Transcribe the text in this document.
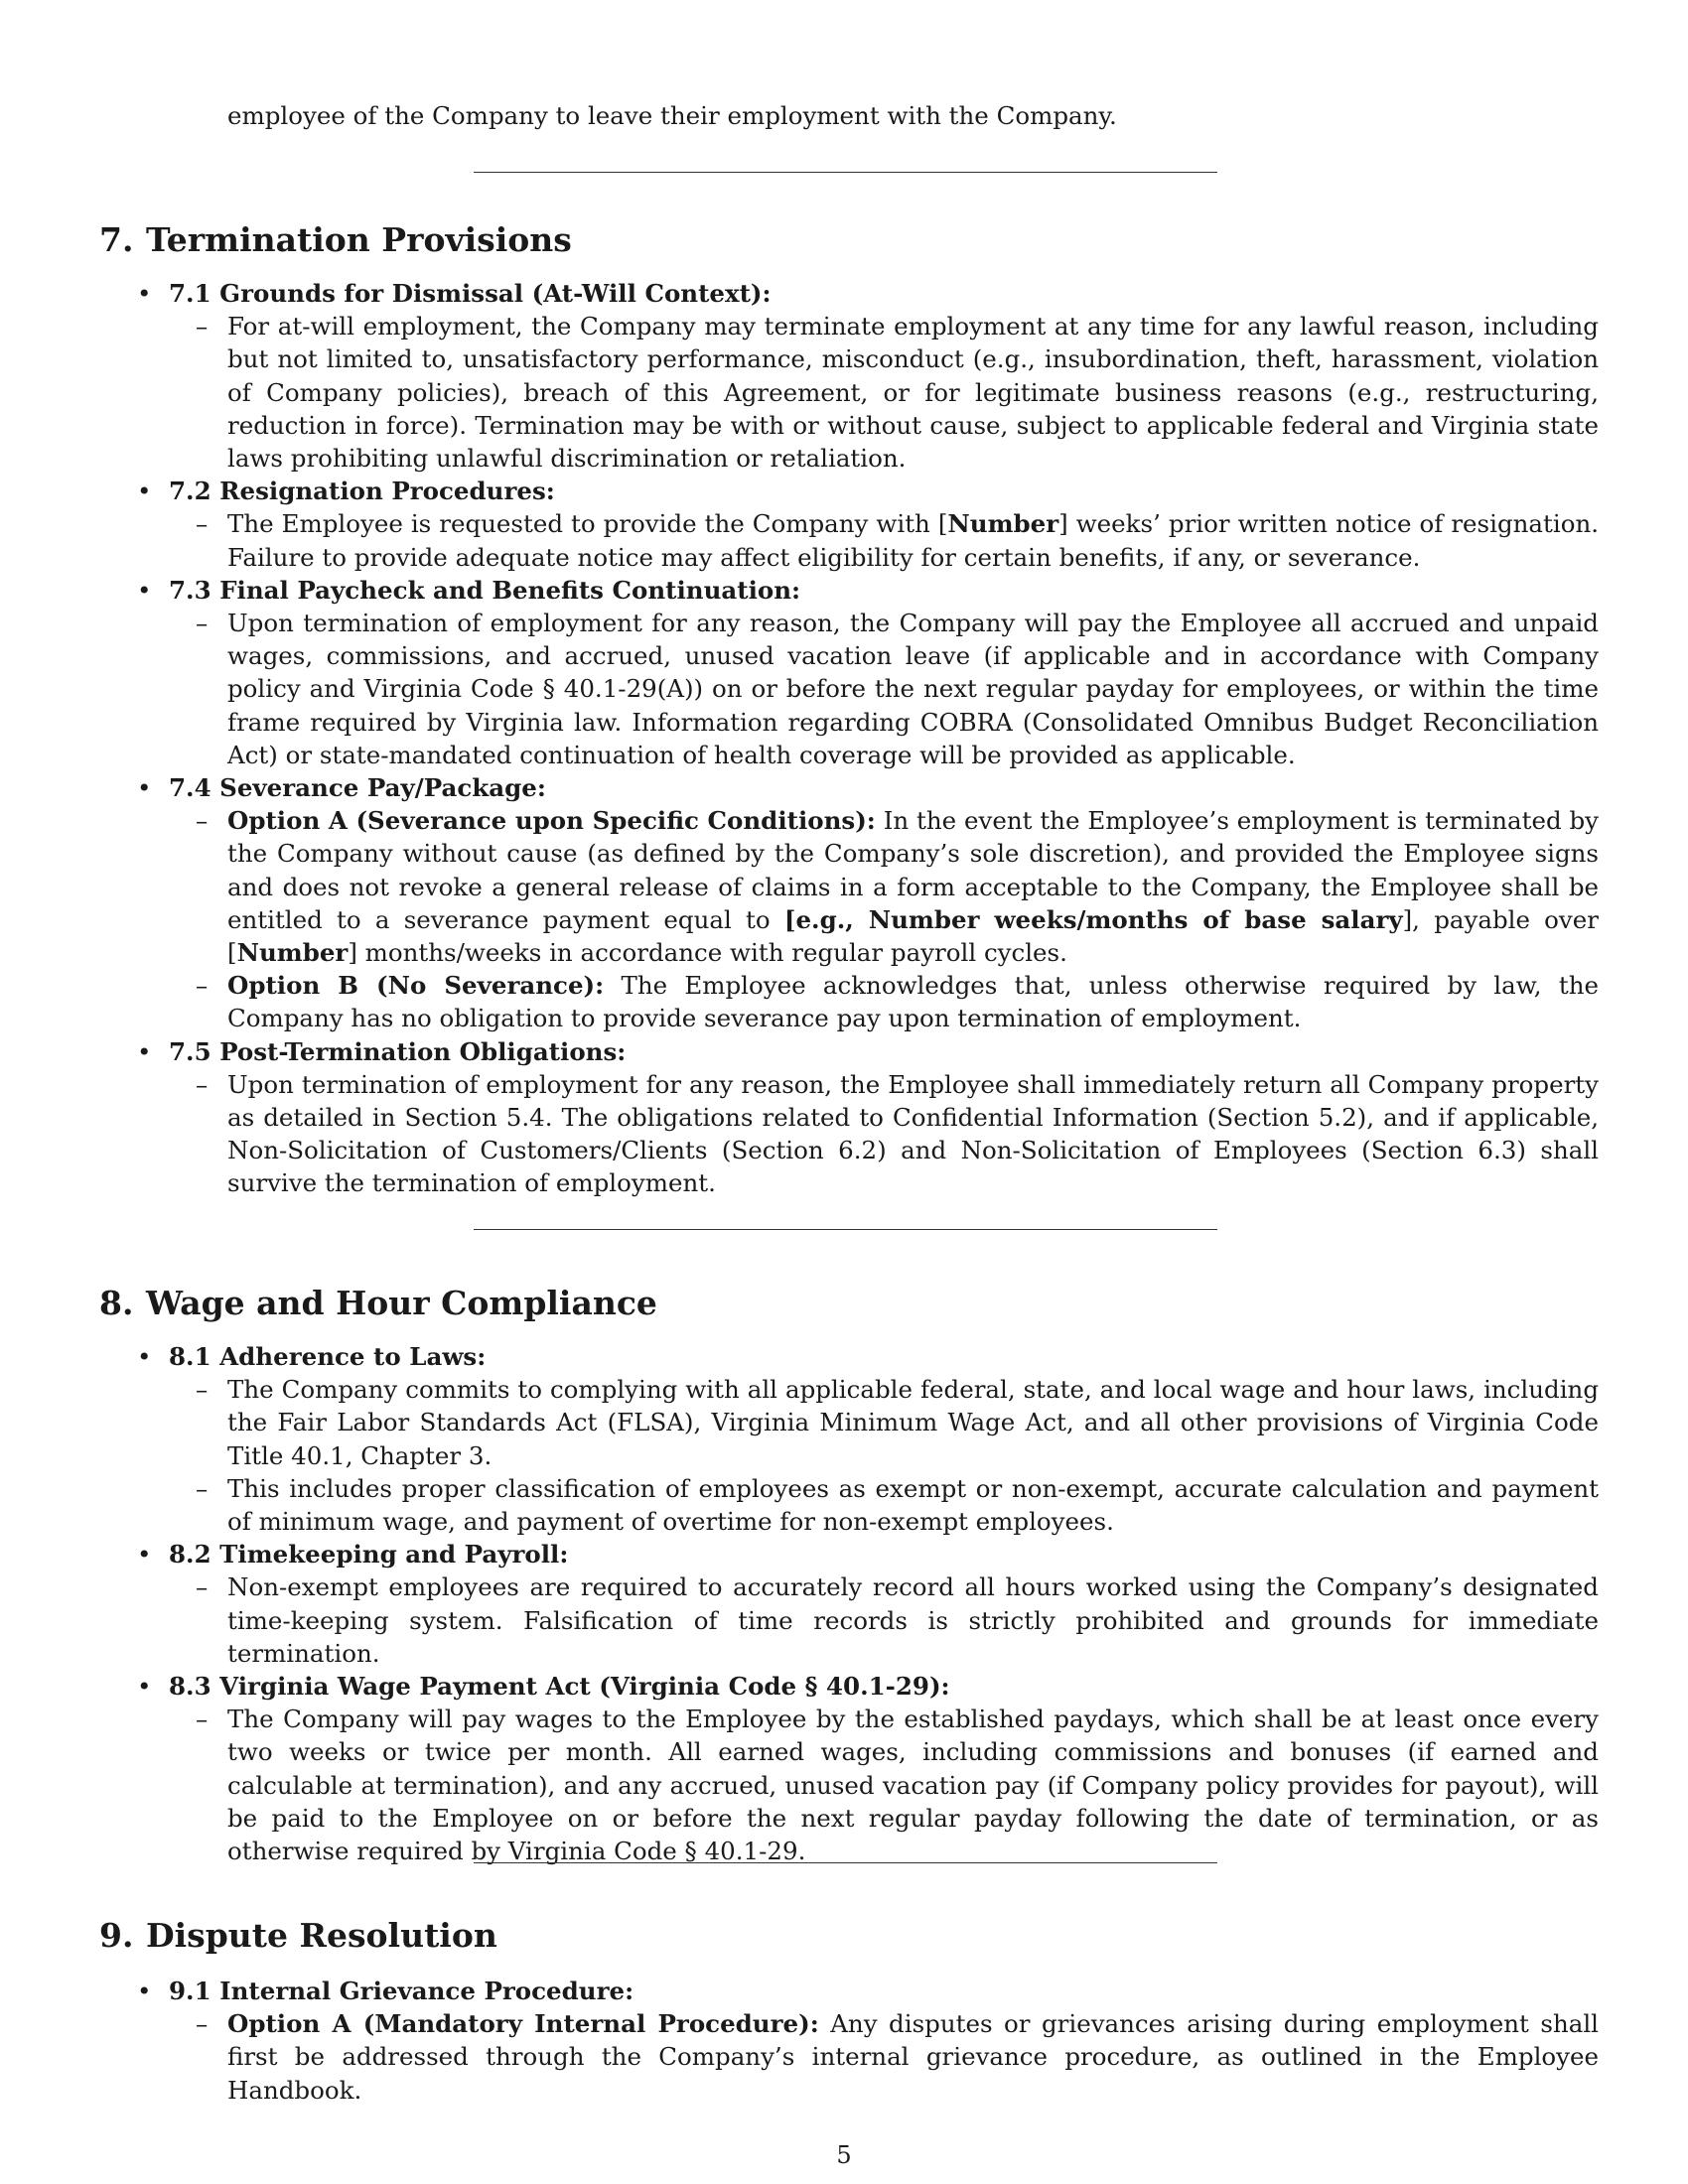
employee of the Company to leave their employment with the Company.
7. Termination Provisions
• 7.1 Grounds for Dismissal (At-Will Context):
– For at-will employment, the Company may terminate employment at any time for any lawful reason, including but not limited to, unsatisfactory performance, misconduct (e.g., insubordination, theft, harassment, violation of Company policies), breach of this Agreement, or for legitimate business reasons (e.g., restructuring, reduction in force). Termination may be with or without cause, subject to applicable federal and Virginia state laws prohibiting unlawful discrimination or retaliation.
• 7.2 Resignation Procedures:
– The Employee is requested to provide the Company with [Number] weeks’ prior written notice of resignation. Failure to provide adequate notice may affect eligibility for certain benefits, if any, or severance.
• 7.3 Final Paycheck and Benefits Continuation:
– Upon termination of employment for any reason, the Company will pay the Employee all accrued and unpaid wages, commissions, and accrued, unused vacation leave (if applicable and in accordance with Company policy and Virginia Code § 40.1-29(A)) on or before the next regular payday for employees, or within the time frame required by Virginia law. Information regarding COBRA (Consolidated Omnibus Budget Reconciliation Act) or state-mandated continuation of health coverage will be provided as applicable.
• 7.4 Severance Pay/Package:
– Option A (Severance upon Specific Conditions): In the event the Employee’s employment is terminated by the Company without cause (as defined by the Company’s sole discretion), and provided the Employee signs and does not revoke a general release of claims in a form acceptable to the Company, the Employee shall be entitled to a severance payment equal to [e.g., Number weeks/months of base salary], payable over [Number] months/weeks in accordance with regular payroll cycles.
– Option B (No Severance): The Employee acknowledges that, unless otherwise required by law, the Company has no obligation to provide severance pay upon termination of employment.
• 7.5 Post-Termination Obligations:
– Upon termination of employment for any reason, the Employee shall immediately return all Company property as detailed in Section 5.4. The obligations related to Confidential Information (Section 5.2), and if applicable, Non-Solicitation of Customers/Clients (Section 6.2) and Non-Solicitation of Employees (Section 6.3) shall survive the termination of employment.
8. Wage and Hour Compliance
• 8.1 Adherence to Laws:
– The Company commits to complying with all applicable federal, state, and local wage and hour laws, including the Fair Labor Standards Act (FLSA), Virginia Minimum Wage Act, and all other provisions of Virginia Code Title 40.1, Chapter 3.
– This includes proper classification of employees as exempt or non-exempt, accurate calculation and payment of minimum wage, and payment of overtime for non-exempt employees.
• 8.2 Timekeeping and Payroll:
– Non-exempt employees are required to accurately record all hours worked using the Company’s designated time-keeping system. Falsification of time records is strictly prohibited and grounds for immediate termination.
• 8.3 Virginia Wage Payment Act (Virginia Code § 40.1-29):
– The Company will pay wages to the Employee by the established paydays, which shall be at least once every two weeks or twice per month. All earned wages, including commissions and bonuses (if earned and calculable at termination), and any accrued, unused vacation pay (if Company policy provides for payout), will be paid to the Employee on or before the next regular payday following the date of termination, or as otherwise required by Virginia Code § 40.1-29.
9. Dispute Resolution
• 9.1 Internal Grievance Procedure:
– Option A (Mandatory Internal Procedure): Any disputes or grievances arising during employment shall first be addressed through the Company’s internal grievance procedure, as outlined in the Employee Handbook.
5
